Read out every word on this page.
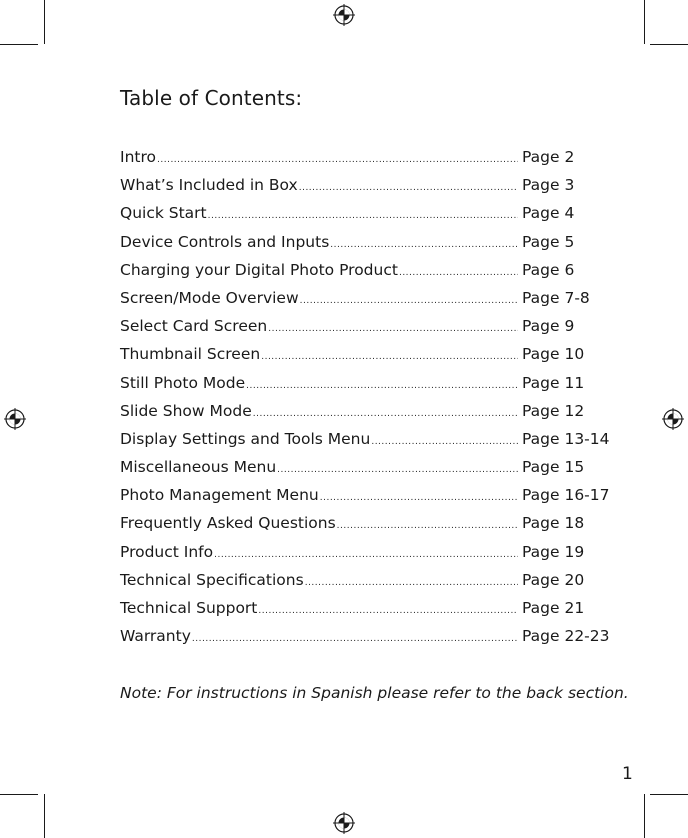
Table of Contents:
Intro .....	Page 2
What’s Included in Box .....	Page 3
Quick Start .....	Page 4
Device Controls and Inputs .....	Page 5
Charging your Digital Photo Product .....	Page 6
Screen/Mode Overview .....	Page 7-8
Select Card Screen .....	Page 9
Thumbnail Screen .....	Page 10
Still Photo Mode .....	Page 11
Slide Show Mode .....	Page 12
Display Settings and Tools Menu .....	Page 13-14
Miscellaneous Menu .....	Page 15
Photo Management Menu .....	Page 16-17
Frequently Asked Questions .....	Page 18
Product Info .....	Page 19
Technical Specifications .....	Page 20
Technical Support .....	Page 21
Warranty .....	Page 22-23
Note: For instructions in Spanish please refer to the back section.
1
